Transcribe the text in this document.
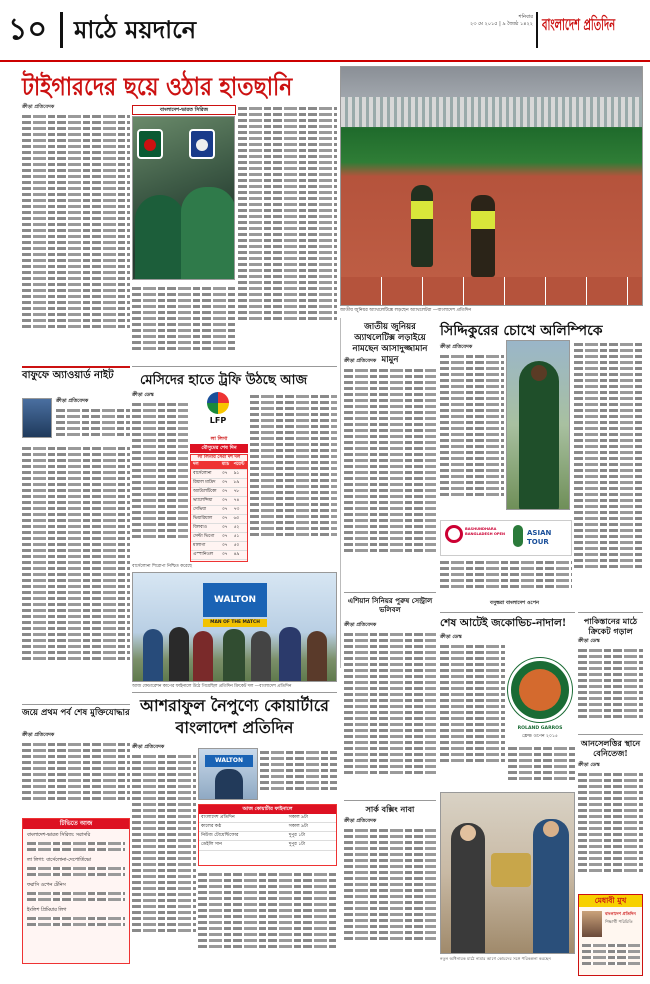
১০ মাঠে ময়দানে	শনিবার
২৩ মে ২০১৫ | ৯ জ্যৈষ্ঠ ১৪২২ বাংলাদেশ প্রতিদিন
টাইগারদের ছয়ে ওঠার হাতছানি
ক্রীড়া প্রতিবেদক	বাংলাদেশ-ভারত সিরিজ
জাতীয় জুনিয়র অ্যাথলেটিক্সে লড়ছেন অ্যাথলেটরা —বাংলাদেশ প্রতিদিন
জাতীয় জুনিয়র অ্যাথলেটিক্স লড়াইয়ে নামছেন আসাদুজ্জামান মামুন
ক্রীড়া প্রতিবেদক
সিদ্দিকুরের চোখে অলিম্পিকে
ক্রীড়া প্রতিবেদক
BASHUNDHARA BANGLADESH OPEN	ASIAN TOUR
বসুন্ধরা বাংলাদেশ ওপেন
বাফুফে অ্যাওয়ার্ড নাইট
ক্রীড়া প্রতিবেদক
মেসিদের হাতে ট্রফি উঠছে আজ
ক্রীড়া ডেস্ক
LFP
লা লিগা
মৌসুমের শেষ দিন
লা লিগায় সেরা দশ দল
দল	ম্যাচ	পয়েন্ট
বার্সেলোনা	৩৭	৯১
রিয়াল মাদ্রিদ	৩৭	৮৯
অ্যাটলেটিকো	৩৭	৭৮
ভ্যালেন্সিয়া	৩৭	৭৪
সেভিয়া	৩৭	৭৩
ভিয়ারিয়াল	৩৭	৬০
বিলবাও	৩৭	৫২
সেল্টা ভিগো	৩৭	৫১
মালাগা	৩৭	৫০
এস্পানিওল	৩৭	৪৯
বার্সেলোনা শিরোপা নিশ্চিত করেছে
এশিয়ান সিনিয়র পুরুষ সেন্ট্রাল ভলিবল
ক্রীড়া প্রতিবেদক
WALTON
MAN OF THE MATCH
আজ ফেডারেশন কাপের ফাইনালে উঠে গিয়েছিল প্রতিদিন ক্রিকেট দল —বাংলাদেশ প্রতিদিন
জয়ে প্রথম পর্ব শেষ মুক্তিযোদ্ধার
ক্রীড়া প্রতিবেদক
টিভিতে আজ
বাংলাদেশ-ভারত সিরিজ: সরাসরি
লা লিগা: বার্সেলোনা-দেপোর্তিভো
ফরাসি ওপেন টেনিস
ইংলিশ প্রিমিয়ার লিগ
আশরাফুল নৈপুণ্যে কোয়ার্টারে
বাংলাদেশ প্রতিদিন
ক্রীড়া প্রতিবেদক
WALTON
আজ কোয়ার্টার ফাইনালে
বাংলাদেশ প্রতিদিন	সকাল ৯টা
কালের কণ্ঠ	সকাল ৯টা
নিউজ টোয়েন্টিফোর	দুপুর ১টা
ডেইলি সান	দুপুর ১টা
শেষ আটেই জকোভিচ-নাদাল!
ক্রীড়া ডেস্ক
ROLAND GARROS
ফ্রেঞ্চ ওপেন ২০১৫
সার্ক বক্সিং নাবা
ক্রীড়া প্রতিবেদক
নতুন অধিনায়ক মাঠে নামার আগে কোচদের সঙ্গে পরিকল্পনা করছেন
পাকিস্তানের মাঠে ক্রিকেট গড়াল
ক্রীড়া ডেস্ক
আনসেলত্তির স্থানে বেনিতেজ!
ক্রীড়া ডেস্ক
মেধাবী মুখ
বাংলাদেশ প্রতিদিন
শিক্ষার্থী পরিচিতি
